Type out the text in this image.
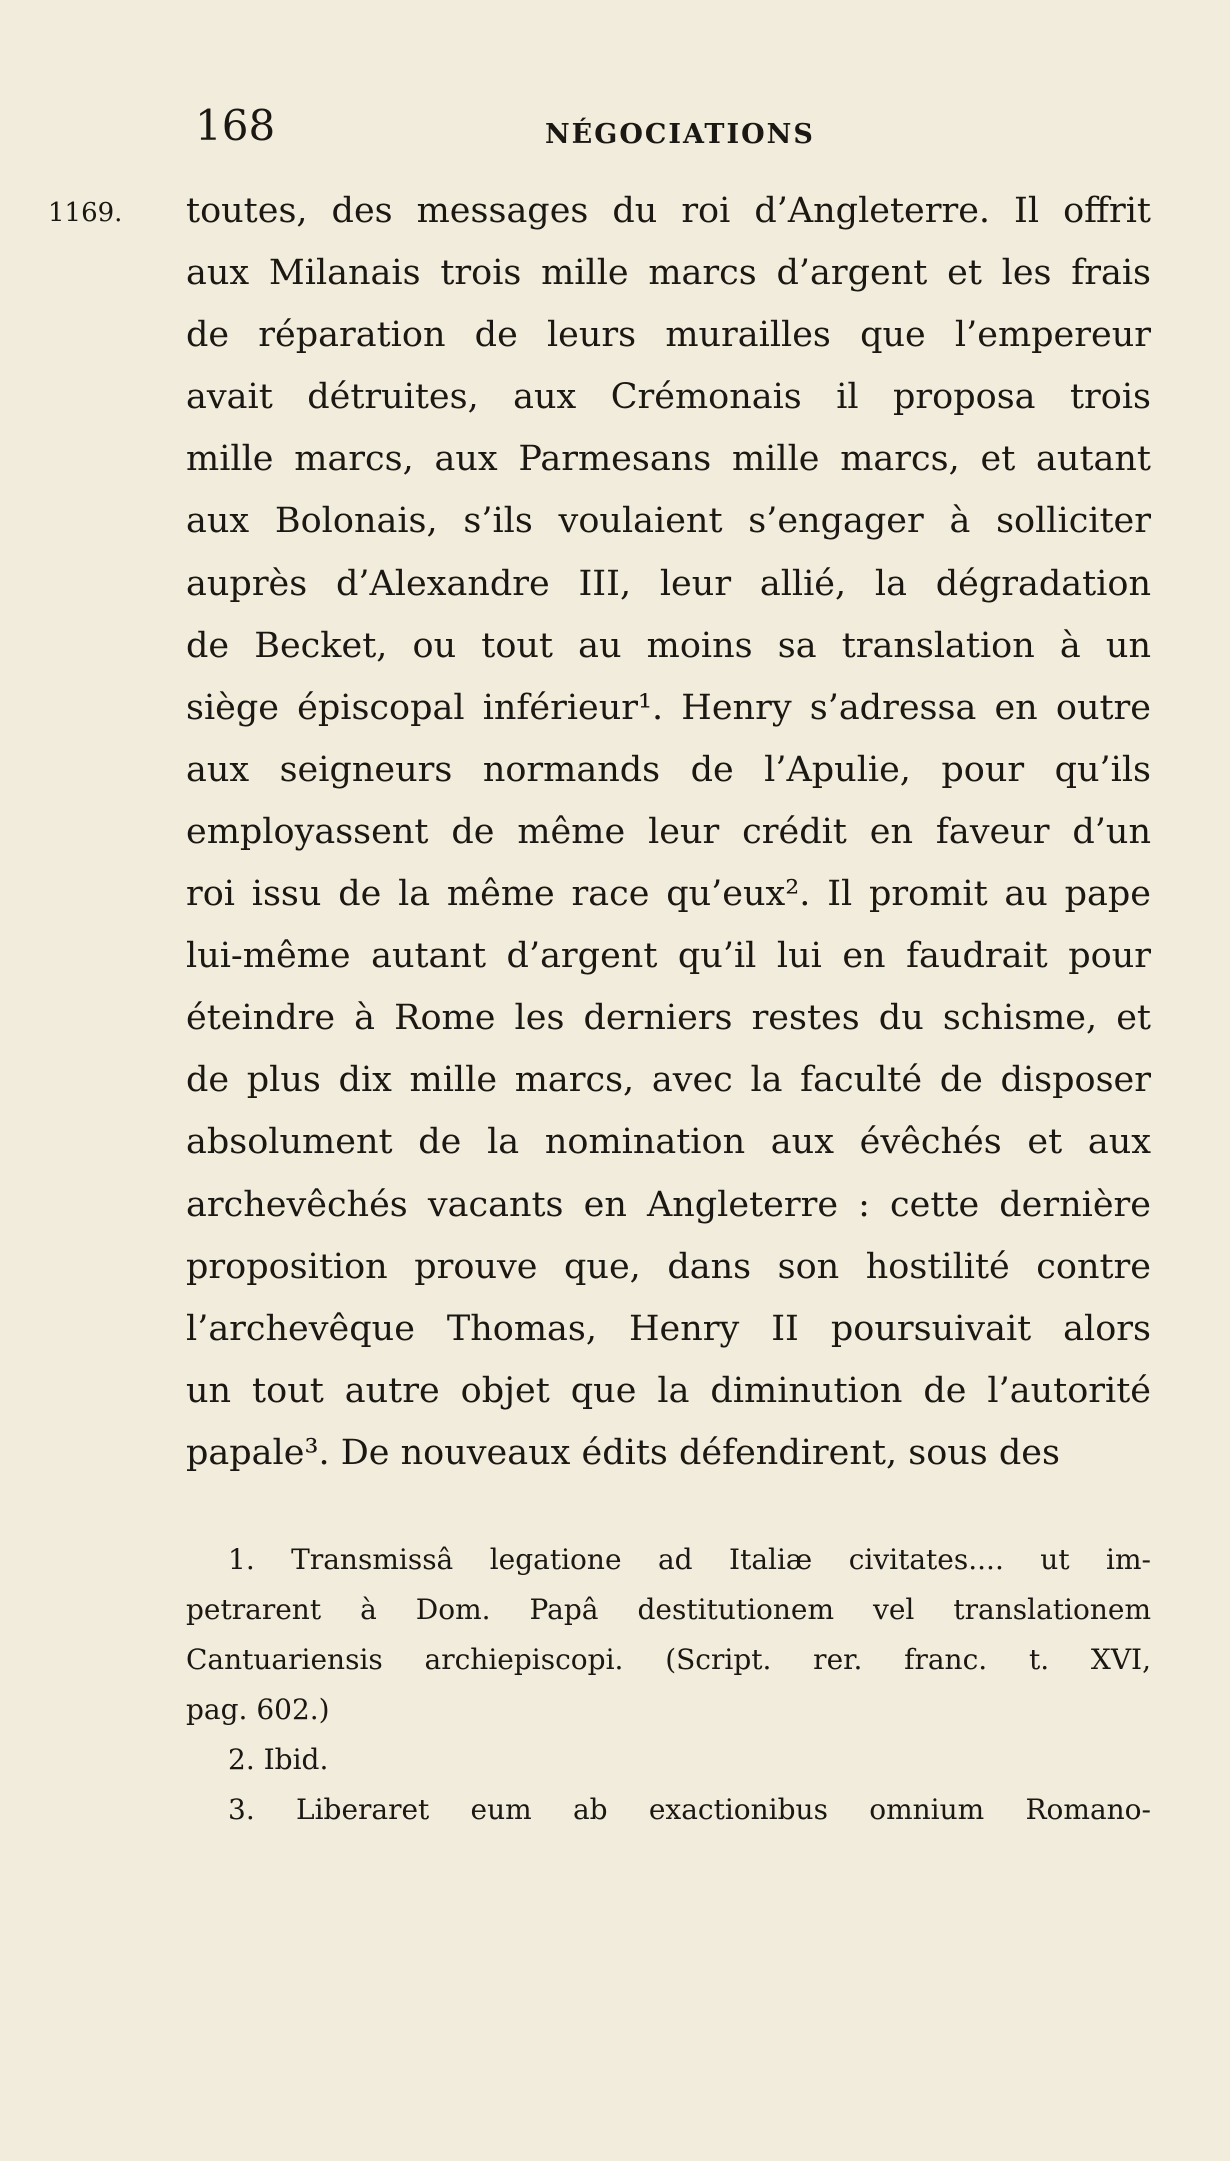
168	NÉGOCIATIONS
1169. toutes, des messages du roi d’Angleterre. Il offrit
aux Milanais trois mille marcs d’argent et les frais
de réparation de leurs murailles que l’empereur
avait détruites, aux Crémonais il proposa trois
mille marcs, aux Parmesans mille marcs, et autant
aux Bolonais, s’ils voulaient s’engager à solliciter
auprès d’Alexandre III, leur allié, la dégradation
de Becket, ou tout au moins sa translation à un
siège épiscopal inférieur¹. Henry s’adressa en outre
aux seigneurs normands de l’Apulie, pour qu’ils
employassent de même leur crédit en faveur d’un
roi issu de la même race qu’eux². Il promit au pape
lui-même autant d’argent qu’il lui en faudrait pour
éteindre à Rome les derniers restes du schisme, et
de plus dix mille marcs, avec la faculté de disposer
absolument de la nomination aux évêchés et aux
archevêchés vacants en Angleterre : cette dernière
proposition prouve que, dans son hostilité contre
l’archevêque Thomas, Henry II poursuivait alors
un tout autre objet que la diminution de l’autorité
papale³. De nouveaux édits défendirent, sous des
1. Transmissâ legatione ad Italiæ civitates.... ut im-
petrarent à Dom. Papâ destitutionem vel translationem
Cantuariensis archiepiscopi. (Script. rer. franc. t. XVI,
pag. 602.)
2. Ibid.
3. Liberaret eum ab exactionibus omnium Romano-
